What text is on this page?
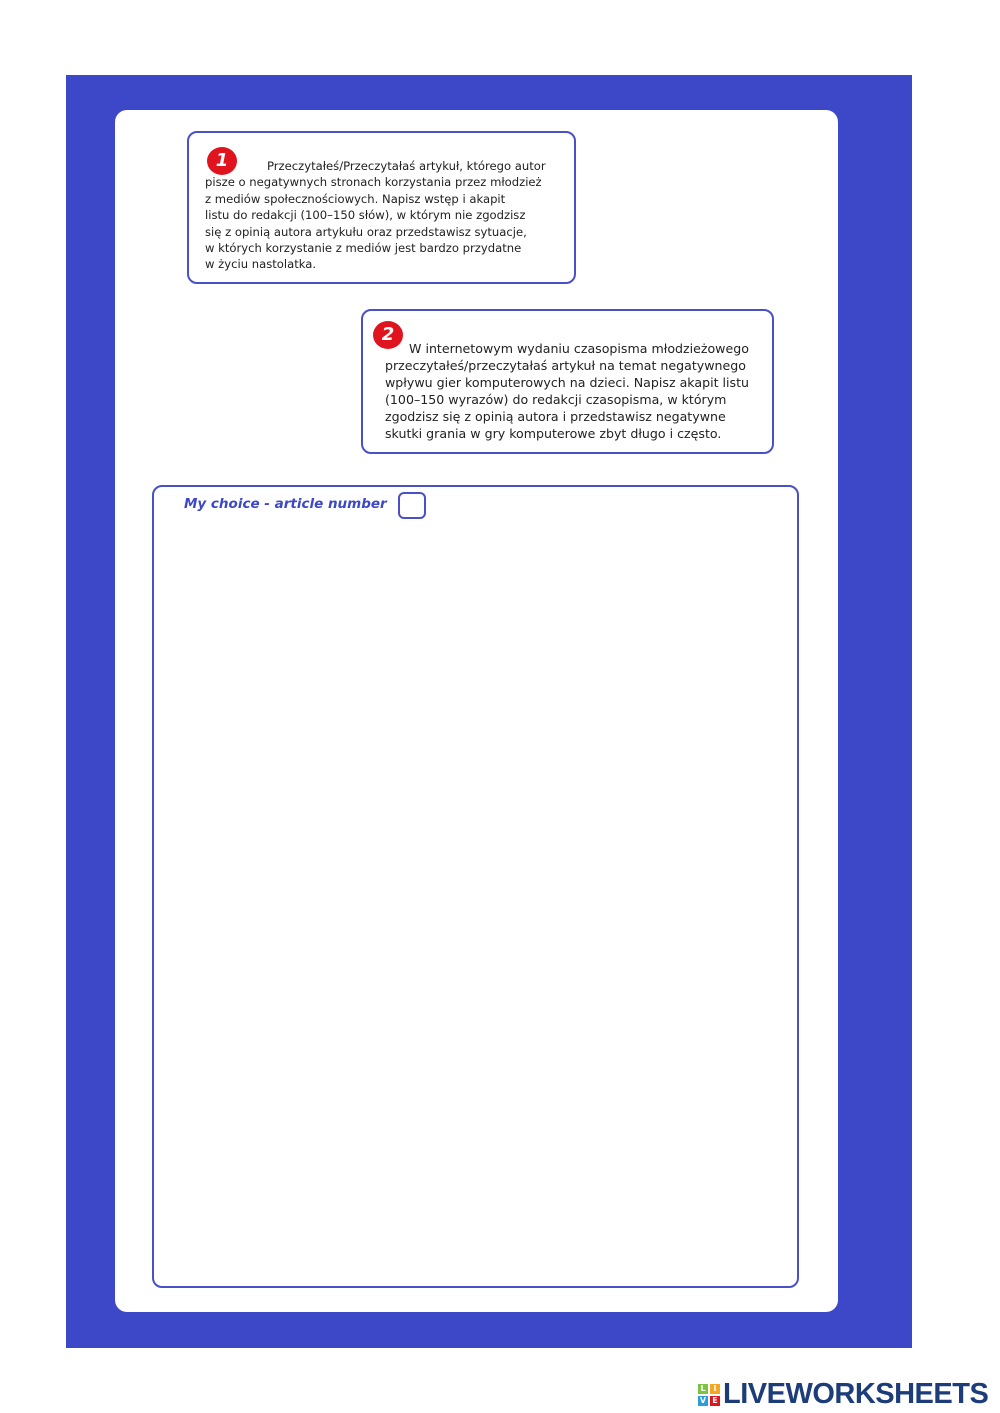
1	Przeczytałeś/Przeczytałaś artykuł, którego autor
pisze o negatywnych stronach korzystania przez młodzież
z mediów społecznościowych. Napisz wstęp i akapit
listu do redakcji (100–150 słów), w którym nie zgodzisz
się z opinią autora artykułu oraz przedstawisz sytuacje,
w których korzystanie z mediów jest bardzo przydatne
w życiu nastolatka.
2
W internetowym wydaniu czasopisma młodzieżowego
przeczytałeś/przeczytałaś artykuł na temat negatywnego
wpływu gier komputerowych na dzieci. Napisz akapit listu
(100–150 wyrazów) do redakcji czasopisma, w którym
zgodzisz się z opinią autora i przedstawisz negatywne
skutki grania w gry komputerowe zbyt długo i często.
My choice - article number
L I
V E LIVEWORKSHEETS
